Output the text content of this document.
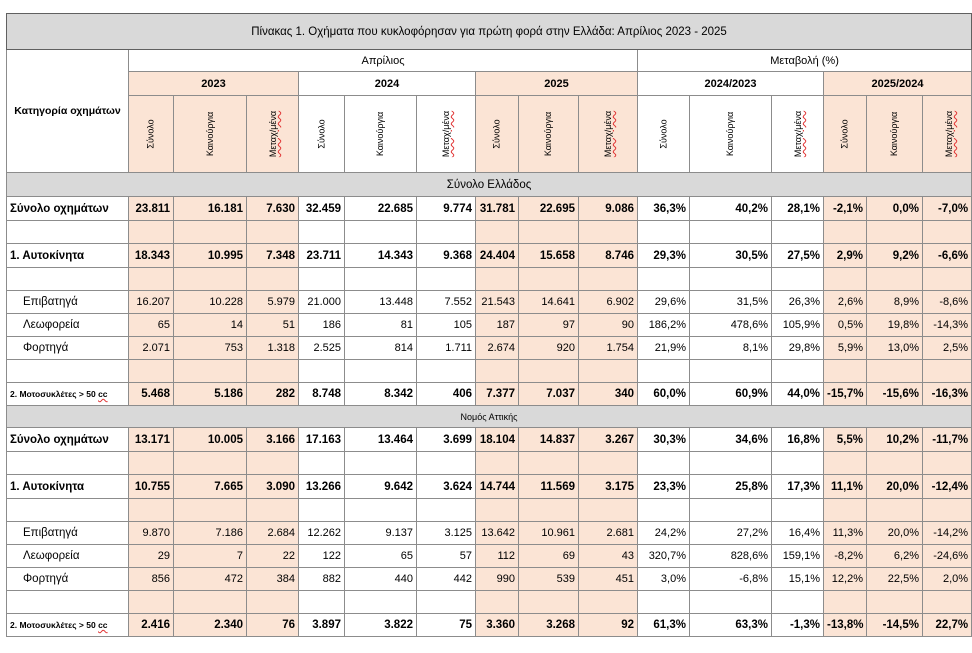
Πίνακας 1. Οχήματα που κυκλοφόρησαν για πρώτη φορά στην Ελλάδα: Απρίλιος 2023 - 2025															
Κατηγορία οχημάτων	Απρίλιος									Μεταβολή (%)					
	2023			2024			2025			2024/2023			2025/2024		
	Σύνολο	Καινούργια	Μεταχ/μένα	Σύνολο	Καινούργια	Μεταχ/μένα	Σύνολο	Καινούργια	Μεταχ/μένα	Σύνολο	Καινούργια	Μεταχ/μένα	Σύνολο	Καινούργια	Μεταχ/μένα
Σύνολο Ελλάδος															
Σύνολο οχημάτων	23.811	16.181	7.630	32.459	22.685	9.774	31.781	22.695	9.086	36,3%	40,2%	28,1%	-2,1%	0,0%	-7,0%

1. Αυτοκίνητα	18.343	10.995	7.348	23.711	14.343	9.368	24.404	15.658	8.746	29,3%	30,5%	27,5%	2,9%	9,2%	-6,6%

Επιβατηγά	16.207	10.228	5.979	21.000	13.448	7.552	21.543	14.641	6.902	29,6%	31,5%	26,3%	2,6%	8,9%	-8,6%
Λεωφορεία	65	14	51	186	81	105	187	97	90	186,2%	478,6%	105,9%	0,5%	19,8%	-14,3%
Φορτηγά	2.071	753	1.318	2.525	814	1.711	2.674	920	1.754	21,9%	8,1%	29,8%	5,9%	13,0%	2,5%

2. Μοτοσυκλέτες > 50 cc	5.468	5.186	282	8.748	8.342	406	7.377	7.037	340	60,0%	60,9%	44,0%	-15,7%	-15,6%	-16,3%
Νομός Αττικής															
Σύνολο οχημάτων	13.171	10.005	3.166	17.163	13.464	3.699	18.104	14.837	3.267	30,3%	34,6%	16,8%	5,5%	10,2%	-11,7%

1. Αυτοκίνητα	10.755	7.665	3.090	13.266	9.642	3.624	14.744	11.569	3.175	23,3%	25,8%	17,3%	11,1%	20,0%	-12,4%

Επιβατηγά	9.870	7.186	2.684	12.262	9.137	3.125	13.642	10.961	2.681	24,2%	27,2%	16,4%	11,3%	20,0%	-14,2%
Λεωφορεία	29	7	22	122	65	57	112	69	43	320,7%	828,6%	159,1%	-8,2%	6,2%	-24,6%
Φορτηγά	856	472	384	882	440	442	990	539	451	3,0%	-6,8%	15,1%	12,2%	22,5%	2,0%

2. Μοτοσυκλέτες > 50 cc	2.416	2.340	76	3.897	3.822	75	3.360	3.268	92	61,3%	63,3%	-1,3%	-13,8%	-14,5%	22,7%
